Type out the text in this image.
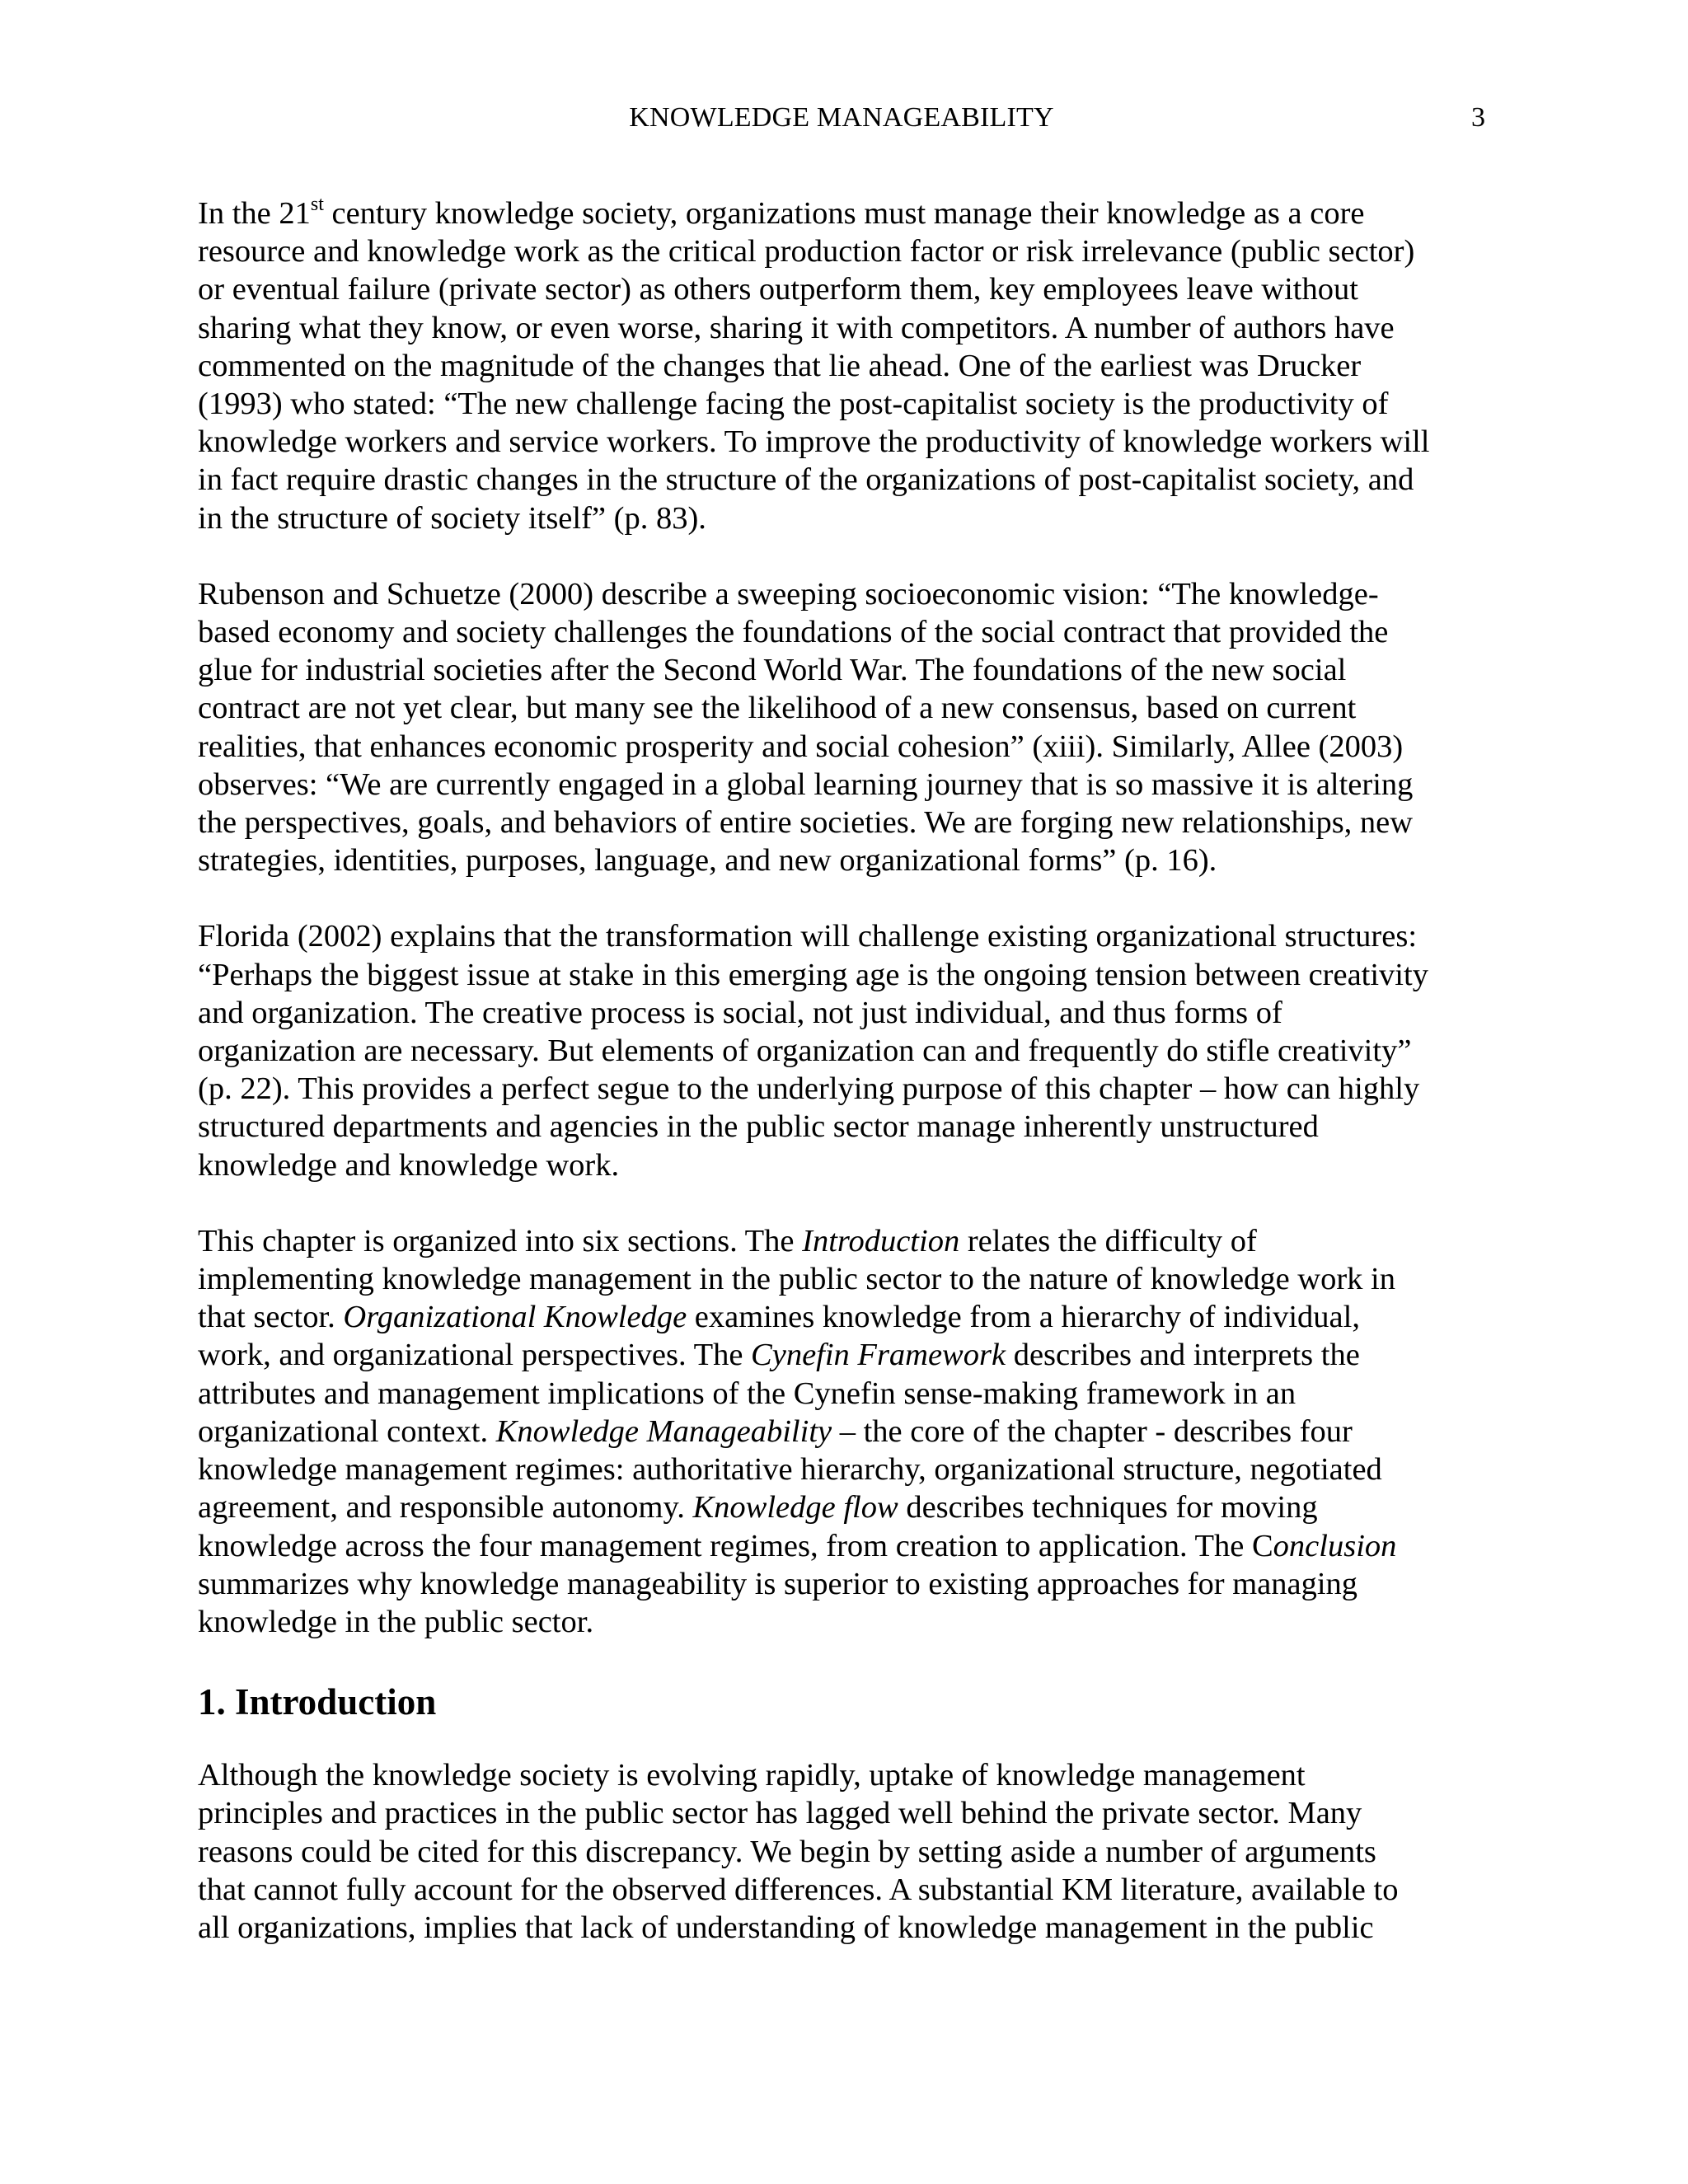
KNOWLEDGE MANAGEABILITY	3

In the 21st century knowledge society, organizations must manage their knowledge as a core
resource and knowledge work as the critical production factor or risk irrelevance (public sector)
or eventual failure (private sector) as others outperform them, key employees leave without
sharing what they know, or even worse, sharing it with competitors. A number of authors have
commented on the magnitude of the changes that lie ahead. One of the earliest was Drucker
(1993) who stated: “The new challenge facing the post-capitalist society is the productivity of
knowledge workers and service workers. To improve the productivity of knowledge workers will
in fact require drastic changes in the structure of the organizations of post-capitalist society, and
in the structure of society itself” (p. 83).

Rubenson and Schuetze (2000) describe a sweeping socioeconomic vision: “The knowledge-
based economy and society challenges the foundations of the social contract that provided the
glue for industrial societies after the Second World War. The foundations of the new social
contract are not yet clear, but many see the likelihood of a new consensus, based on current
realities, that enhances economic prosperity and social cohesion” (xiii). Similarly, Allee (2003)
observes: “We are currently engaged in a global learning journey that is so massive it is altering
the perspectives, goals, and behaviors of entire societies. We are forging new relationships, new
strategies, identities, purposes, language, and new organizational forms” (p. 16).

Florida (2002) explains that the transformation will challenge existing organizational structures:
“Perhaps the biggest issue at stake in this emerging age is the ongoing tension between creativity
and organization. The creative process is social, not just individual, and thus forms of
organization are necessary. But elements of organization can and frequently do stifle creativity”
(p. 22). This provides a perfect segue to the underlying purpose of this chapter – how can highly
structured departments and agencies in the public sector manage inherently unstructured
knowledge and knowledge work.

This chapter is organized into six sections. The Introduction relates the difficulty of
implementing knowledge management in the public sector to the nature of knowledge work in
that sector. Organizational Knowledge examines knowledge from a hierarchy of individual,
work, and organizational perspectives. The Cynefin Framework describes and interprets the
attributes and management implications of the Cynefin sense-making framework in an
organizational context. Knowledge Manageability – the core of the chapter - describes four
knowledge management regimes: authoritative hierarchy, organizational structure, negotiated
agreement, and responsible autonomy. Knowledge flow describes techniques for moving
knowledge across the four management regimes, from creation to application. The Conclusion
summarizes why knowledge manageability is superior to existing approaches for managing
knowledge in the public sector.

1. Introduction

Although the knowledge society is evolving rapidly, uptake of knowledge management
principles and practices in the public sector has lagged well behind the private sector. Many
reasons could be cited for this discrepancy. We begin by setting aside a number of arguments
that cannot fully account for the observed differences. A substantial KM literature, available to
all organizations, implies that lack of understanding of knowledge management in the public
